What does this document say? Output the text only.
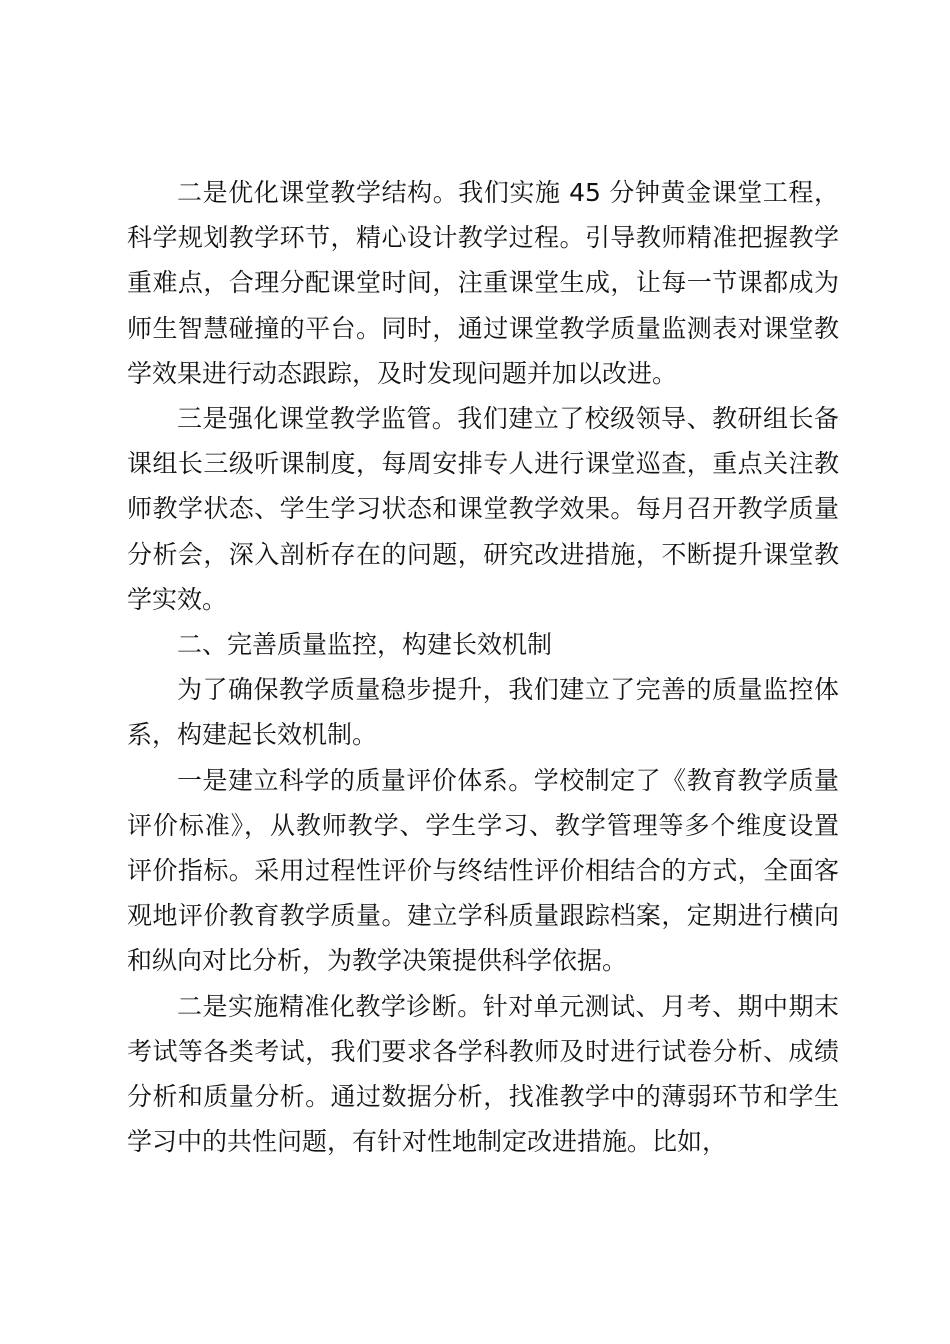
二是优化课堂教学结构。我们实施 45 分钟黄金课堂工程，科学规划教学环节，精心设计教学过程。引导教师精准把握教学重难点，合理分配课堂时间，注重课堂生成，让每一节课都成为师生智慧碰撞的平台。同时，通过课堂教学质量监测表对课堂教学效果进行动态跟踪，及时发现问题并加以改进。

三是强化课堂教学监管。我们建立了校级领导、教研组长备课组长三级听课制度，每周安排专人进行课堂巡查，重点关注教师教学状态、学生学习状态和课堂教学效果。每月召开教学质量分析会，深入剖析存在的问题，研究改进措施，不断提升课堂教学实效。

二、完善质量监控，构建长效机制

为了确保教学质量稳步提升，我们建立了完善的质量监控体系，构建起长效机制。

一是建立科学的质量评价体系。学校制定了《教育教学质量评价标准》，从教师教学、学生学习、教学管理等多个维度设置评价指标。采用过程性评价与终结性评价相结合的方式，全面客观地评价教育教学质量。建立学科质量跟踪档案，定期进行横向和纵向对比分析，为教学决策提供科学依据。

二是实施精准化教学诊断。针对单元测试、月考、期中期末考试等各类考试，我们要求各学科教师及时进行试卷分析、成绩分析和质量分析。通过数据分析，找准教学中的薄弱环节和学生学习中的共性问题，有针对性地制定改进措施。比如，
